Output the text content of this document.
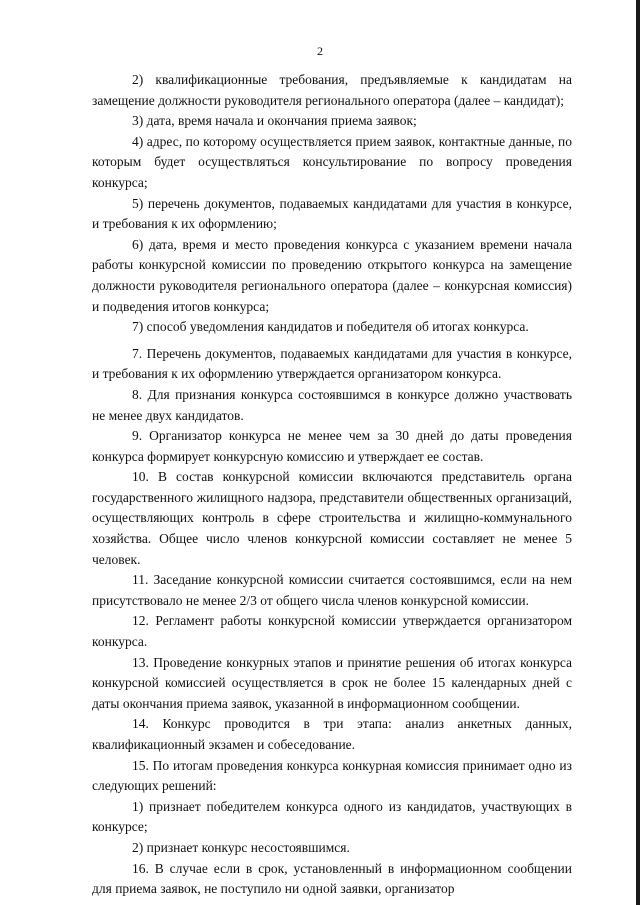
2

2) квалификационные требования, предъявляемые к кандидатам на замещение должности руководителя регионального оператора (далее – кандидат);

3) дата, время начала и окончания приема заявок;

4) адрес, по которому осуществляется прием заявок, контактные данные, по которым будет осуществляться консультирование по вопросу проведения конкурса;

5) перечень документов, подаваемых кандидатами для участия в конкурсе, и требования к их оформлению;

6) дата, время и место проведения конкурса с указанием времени начала работы конкурсной комиссии по проведению открытого конкурса на замещение должности руководителя регионального оператора (далее – конкурсная комиссия) и подведения итогов конкурса;

7) способ уведомления кандидатов и победителя об итогах конкурса.

7. Перечень документов, подаваемых кандидатами для участия в конкурсе, и требования к их оформлению утверждается организатором конкурса.

8. Для признания конкурса состоявшимся в конкурсе должно участвовать не менее двух кандидатов.

9. Организатор конкурса не менее чем за 30 дней до даты проведения конкурса формирует конкурсную комиссию и утверждает ее состав.

10. В состав конкурсной комиссии включаются представитель органа государственного жилищного надзора, представители общественных организаций, осуществляющих контроль в сфере строительства и жилищно-коммунального хозяйства. Общее число членов конкурсной комиссии составляет не менее 5 человек.

11. Заседание конкурсной комиссии считается состоявшимся, если на нем присутствовало не менее 2/3 от общего числа членов конкурсной комиссии.

12. Регламент работы конкурсной комиссии утверждается организатором конкурса.

13. Проведение конкурных этапов и принятие решения об итогах конкурса конкурсной комиссией осуществляется в срок не более 15 календарных дней с даты окончания приема заявок, указанной в информационном сообщении.

14. Конкурс проводится в три этапа: анализ анкетных данных, квалификационный экзамен и собеседование.

15. По итогам проведения конкурса конкурная комиссия принимает одно из следующих решений:

1) признает победителем конкурса одного из кандидатов, участвующих в конкурсе;

2) признает конкурс несостоявшимся.

16. В случае если в срок, установленный в информационном сообщении для приема заявок, не поступило ни одной заявки, организатор
